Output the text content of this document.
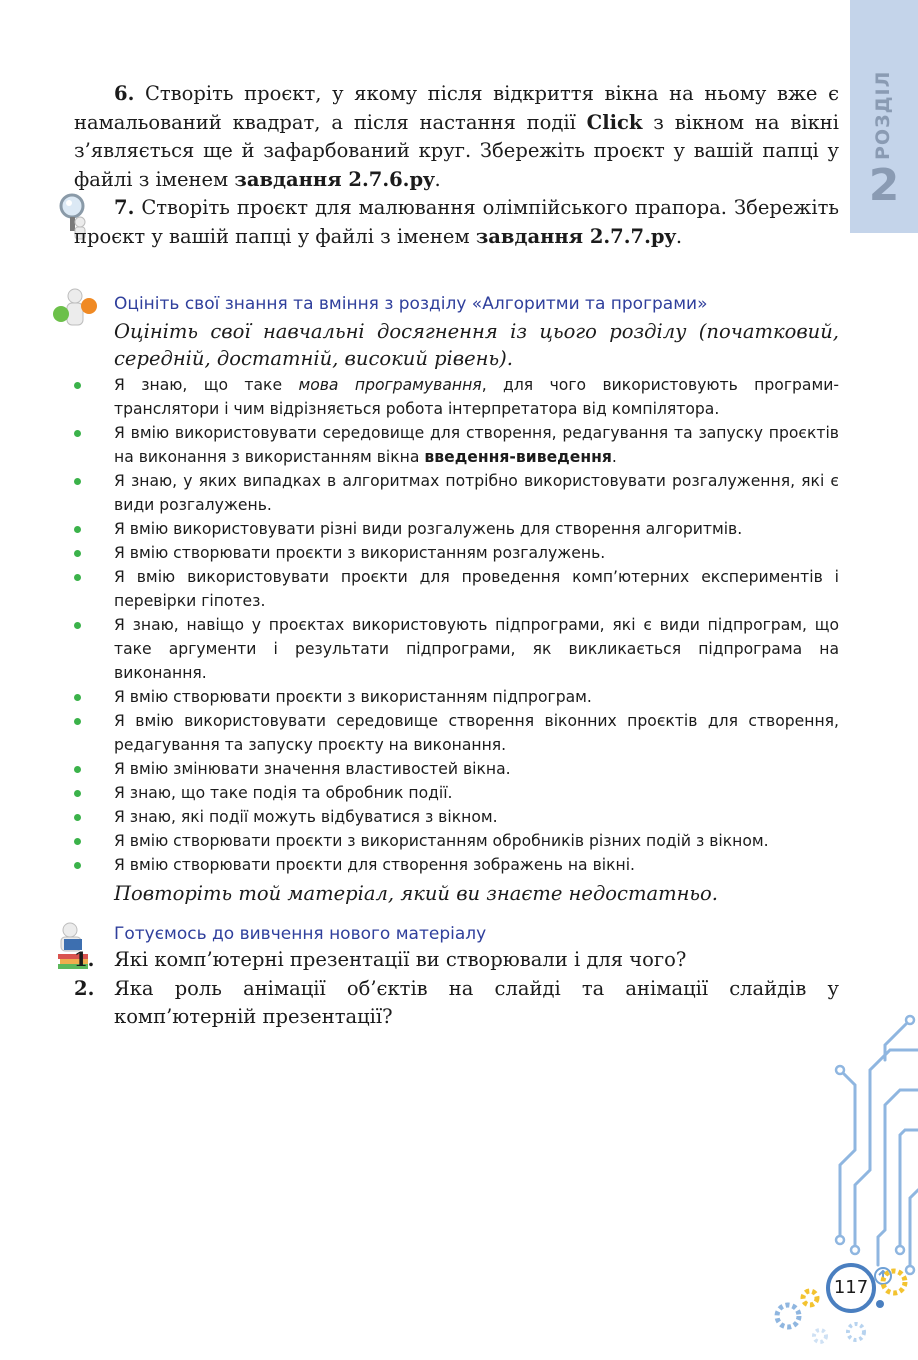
РОЗДІЛ
2

6. Створіть проєкт, у якому після відкриття вікна на ньому вже є намальований квадрат, а після настання події Click з вікном на вікні з’являється ще й зафарбований круг. Збережіть проєкт у вашій папці у файлі з іменем завдання 2.7.6.py.

7. Створіть проєкт для малювання олімпійського прапора. Збережіть проєкт у вашій папці у файлі з іменем завдання 2.7.7.py.

Оцініть свої знання та вміння з розділу «Алгоритми та програми»

Оцініть свої навчальні досягнення із цього розділу (початковий, середній, достатній, високий рівень).

Я знаю, що таке мова програмування, для чого використовують програми-транслятори і чим відрізняється робота інтерпретатора від компілятора.
Я вмію використовувати середовище для створення, редагування та запуску проєктів на виконання з використанням вікна введення-виведення.
Я знаю, у яких випадках в алгоритмах потрібно використовувати розгалуження, які є види розгалужень.
Я вмію використовувати різні види розгалужень для створення алгоритмів.
Я вмію створювати проєкти з використанням розгалужень.
Я вмію використовувати проєкти для проведення комп’ютерних експериментів і перевірки гіпотез.
Я знаю, навіщо у проєктах використовують підпрограми, які є види підпрограм, що таке аргументи і результати підпрограми, як викликається підпрограма на виконання.
Я вмію створювати проєкти з використанням підпрограм.
Я вмію використовувати середовище створення віконних проєктів для створення, редагування та запуску проєкту на виконання.
Я вмію змінювати значення властивостей вікна.
Я знаю, що таке подія та обробник події.
Я знаю, які події можуть відбуватися з вікном.
Я вмію створювати проєкти з використанням обробників різних подій з вікном.
Я вмію створювати проєкти для створення зображень на вікні.

Повторіть той матеріал, який ви знаєте недостатньо.

Готуємось до вивчення нового матеріалу
1. Які комп’ютерні презентації ви створювали і для чого?
2. Яка роль анімації об’єктів на слайді та анімації слайдів у комп’ютерній презентації?
117
